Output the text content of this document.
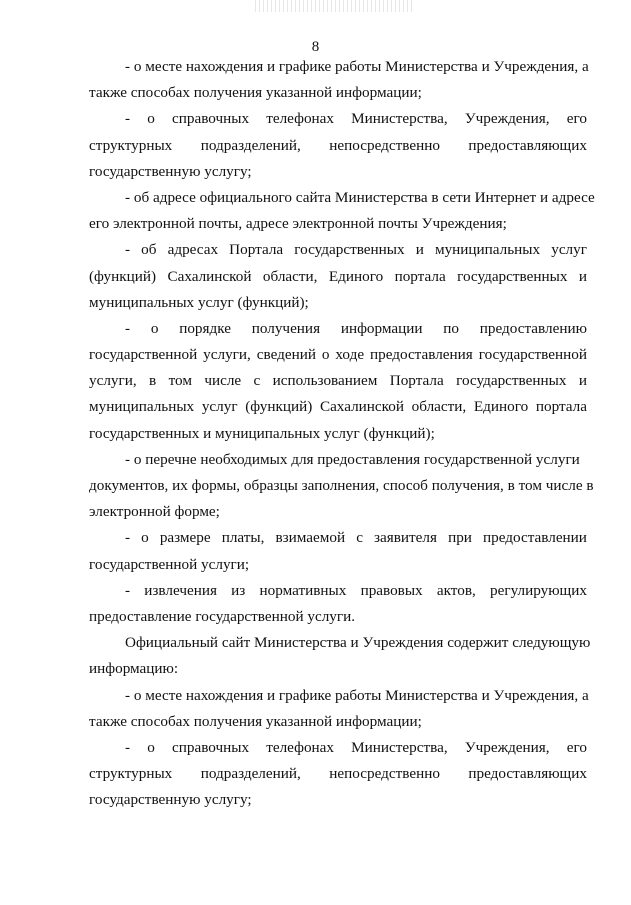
8
- о месте нахождения и графике работы Министерства и Учреждения, а
также способах получения указанной информации;
- о справочных телефонах Министерства, Учреждения, его
структурных подразделений, непосредственно предоставляющих
государственную услугу;
- об адресе официального сайта Министерства в сети Интернет и адресе
его электронной почты, адресе электронной почты Учреждения;
- об адресах Портала государственных и муниципальных услуг
(функций) Сахалинской области, Единого портала государственных и
муниципальных услуг (функций);
- о порядке получения информации по предоставлению
государственной услуги, сведений о ходе предоставления государственной
услуги, в том числе с использованием Портала государственных и
муниципальных услуг (функций) Сахалинской области, Единого портала
государственных и муниципальных услуг (функций);
- о перечне необходимых для предоставления государственной услуги
документов, их формы, образцы заполнения, способ получения, в том числе в
электронной форме;
- о размере платы, взимаемой с заявителя при предоставлении
государственной услуги;
- извлечения из нормативных правовых актов, регулирующих
предоставление государственной услуги.
Официальный сайт Министерства и Учреждения содержит следующую
информацию:
- о месте нахождения и графике работы Министерства и Учреждения, а
также способах получения указанной информации;
- о справочных телефонах Министерства, Учреждения, его
структурных подразделений, непосредственно предоставляющих
государственную услугу;
